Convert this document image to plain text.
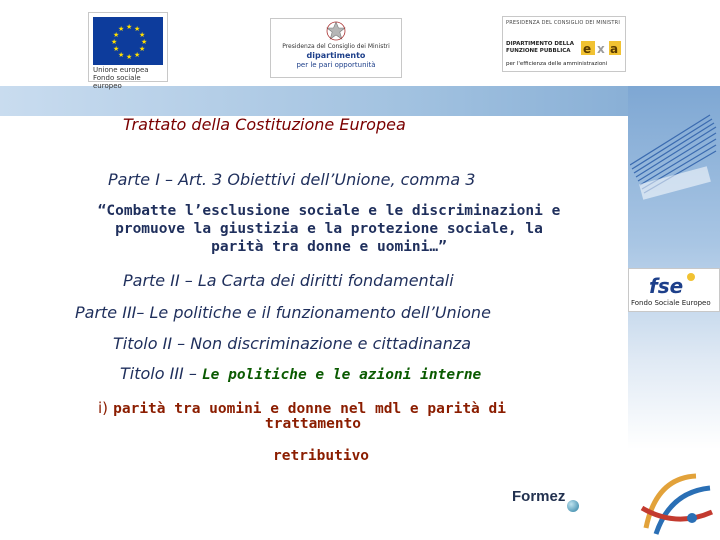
★ ★
★
★
★
★
★
★
★
★
★
★
Unione europea
Fondo sociale europeo
Presidenza del Consiglio dei Ministri
dipartimento
per le pari opportunità
PRESIDENZA DEL CONSIGLIO DEI MINISTRI
DIPARTIMENTO DELLA
FUNZIONE PUBBLICA
per l'efficienza delle amministrazioni
e x a
fse
Fondo Sociale Europeo
Trattato della Costituzione Europea
Parte I – Art. 3 Obiettivi dell’Unione, comma 3
“Combatte l’esclusione sociale e le discriminazioni e
promuove la giustizia e la protezione sociale, la
parità tra donne e uomini…”
Parte II – La Carta dei diritti fondamentali
Parte III– Le politiche e il funzionamento dell’Unione
Titolo II – Non discriminazione e cittadinanza
Titolo III – Le politiche e le azioni interne
i) parità tra uomini e donne nel mdl e parità di
trattamento
retributivo
Formez
